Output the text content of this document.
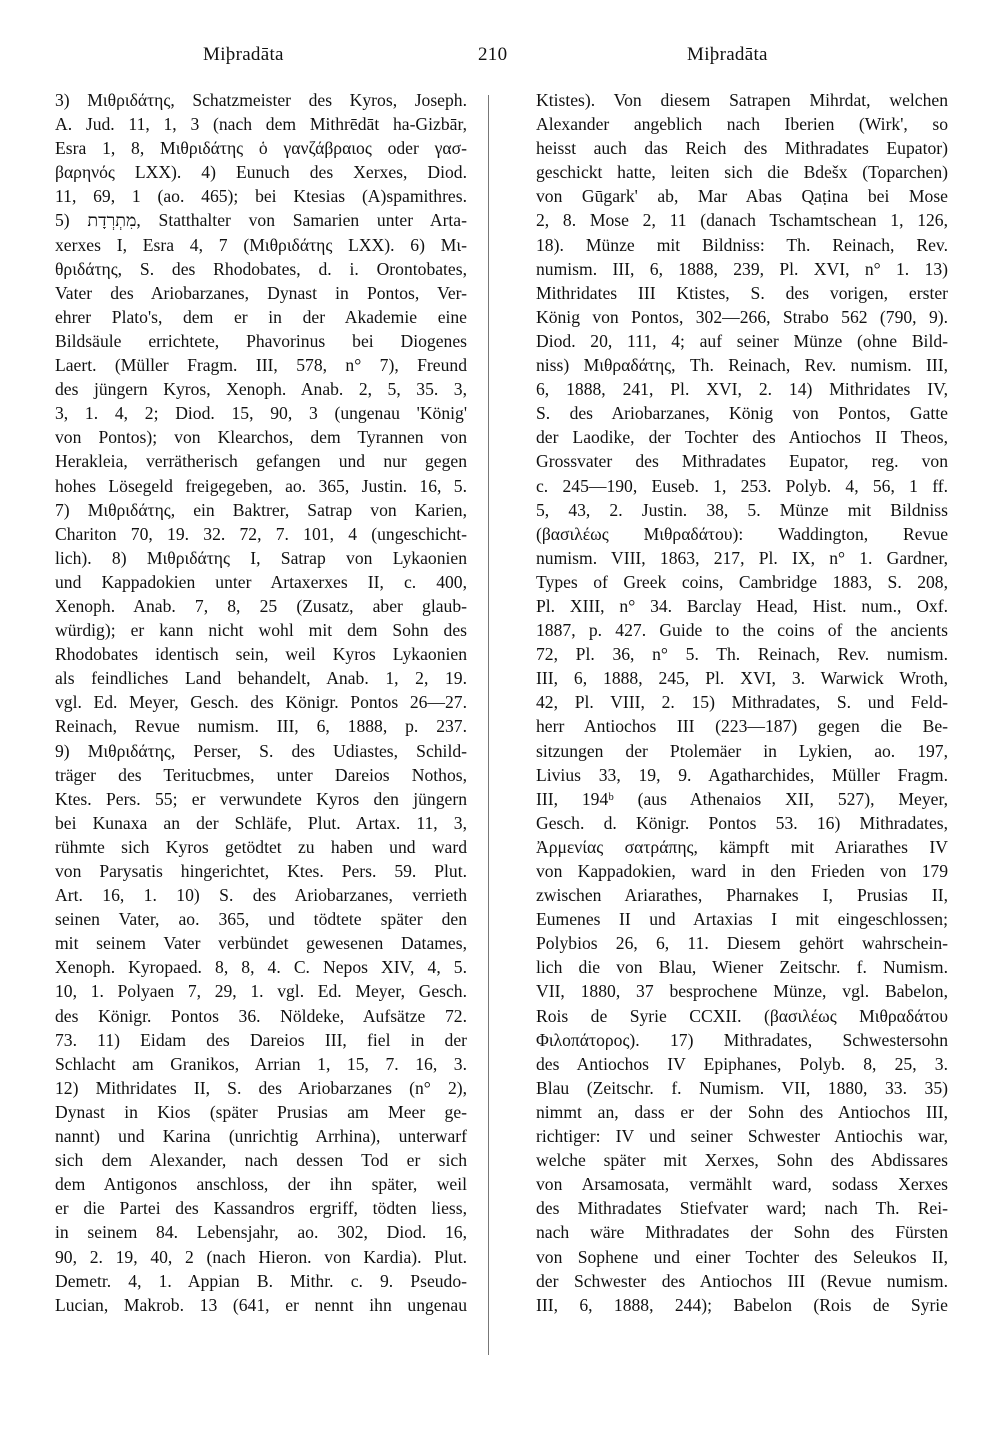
Miþradāta	210	Miþradāta
3) Μιθριδάτης, Schatzmeister des Kyros, Joseph.
A. Jud. 11, 1, 3 (nach dem Mithrēdāt ha-Gizbār,
Esra 1, 8, Μιθριδάτης ὁ γανζάβραιος oder γασ-
βαρηνός LXX). 4) Eunuch des Xerxes, Diod.
11, 69, 1 (ao. 465); bei Ktesias (A)spamithres.
5) מִתְרְדָת, Statthalter von Samarien unter Arta-
xerxes I, Esra 4, 7 (Μιθριδάτης LXX). 6) Μι-
θριδάτης, S. des Rhodobates, d. i. Orontobates,
Vater des Ariobarzanes, Dynast in Pontos, Ver-
ehrer Plato's, dem er in der Akademie eine
Bildsäule errichtete, Phavorinus bei Diogenes
Laert. (Müller Fragm. III, 578, n° 7), Freund
des jüngern Kyros, Xenoph. Anab. 2, 5, 35. 3,
3, 1. 4, 2; Diod. 15, 90, 3 (ungenau 'König'
von Pontos); von Klearchos, dem Tyrannen von
Herakleia, verrätherisch gefangen und nur gegen
hohes Lösegeld freigegeben, ao. 365, Justin. 16, 5.
7) Μιθριδάτης, ein Baktrer, Satrap von Karien,
Chariton 70, 19. 32. 72, 7. 101, 4 (ungeschicht-
lich). 8) Μιθριδάτης I, Satrap von Lykaonien
und Kappadokien unter Artaxerxes II, c. 400,
Xenoph. Anab. 7, 8, 25 (Zusatz, aber glaub-
würdig); er kann nicht wohl mit dem Sohn des
Rhodobates identisch sein, weil Kyros Lykaonien
als feindliches Land behandelt, Anab. 1, 2, 19.
vgl. Ed. Meyer, Gesch. des Königr. Pontos 26—27.
Reinach, Revue numism. III, 6, 1888, p. 237.
9) Μιθριδάτης, Perser, S. des Udiastes, Schild-
träger des Teritucbmes, unter Dareios Nothos,
Ktes. Pers. 55; er verwundete Kyros den jüngern
bei Kunaxa an der Schläfe, Plut. Artax. 11, 3,
rühmte sich Kyros getödtet zu haben und ward
von Parysatis hingerichtet, Ktes. Pers. 59. Plut.
Art. 16, 1. 10) S. des Ariobarzanes, verrieth
seinen Vater, ao. 365, und tödtete später den
mit seinem Vater verbündet gewesenen Datames,
Xenoph. Kyropaed. 8, 8, 4. C. Nepos XIV, 4, 5.
10, 1. Polyaen 7, 29, 1. vgl. Ed. Meyer, Gesch.
des Königr. Pontos 36. Nöldeke, Aufsätze 72.
73. 11) Eidam des Dareios III, fiel in der
Schlacht am Granikos, Arrian 1, 15, 7. 16, 3.
12) Mithridates II, S. des Ariobarzanes (n° 2),
Dynast in Kios (später Prusias am Meer ge-
nannt) und Karina (unrichtig Arrhina), unterwarf
sich dem Alexander, nach dessen Tod er sich
dem Antigonos anschloss, der ihn später, weil
er die Partei des Kassandros ergriff, tödten liess,
in seinem 84. Lebensjahr, ao. 302, Diod. 16,
90, 2. 19, 40, 2 (nach Hieron. von Kardia). Plut.
Demetr. 4, 1. Appian B. Mithr. c. 9. Pseudo-
Lucian, Makrob. 13 (641, er nennt ihn ungenau
Ktistes). Von diesem Satrapen Mihrdat, welchen
Alexander angeblich nach Iberien (Wirk', so
heisst auch das Reich des Mithradates Eupator)
geschickt hatte, leiten sich die Bdešx (Toparchen)
von Gūgark' ab, Mar Abas Qaṭina bei Mose
2, 8. Mose 2, 11 (danach Tschamtschean 1, 126,
18). Münze mit Bildniss: Th. Reinach, Rev.
numism. III, 6, 1888, 239, Pl. XVI, n° 1. 13)
Mithridates III Ktistes, S. des vorigen, erster
König von Pontos, 302—266, Strabo 562 (790, 9).
Diod. 20, 111, 4; auf seiner Münze (ohne Bild-
niss) Μιθραδάτης, Th. Reinach, Rev. numism. III,
6, 1888, 241, Pl. XVI, 2. 14) Mithridates IV,
S. des Ariobarzanes, König von Pontos, Gatte
der Laodike, der Tochter des Antiochos II Theos,
Grossvater des Mithradates Eupator, reg. von
c. 245—190, Euseb. 1, 253. Polyb. 4, 56, 1 ff.
5, 43, 2. Justin. 38, 5. Münze mit Bildniss
(βασιλέως Μιθραδάτου): Waddington, Revue
numism. VIII, 1863, 217, Pl. IX, n° 1. Gardner,
Types of Greek coins, Cambridge 1883, S. 208,
Pl. XIII, n° 34. Barclay Head, Hist. num., Oxf.
1887, p. 427. Guide to the coins of the ancients
72, Pl. 36, n° 5. Th. Reinach, Rev. numism.
III, 6, 1888, 245, Pl. XVI, 3. Warwick Wroth,
42, Pl. VIII, 2. 15) Mithradates, S. und Feld-
herr Antiochos III (223—187) gegen die Be-
sitzungen der Ptolemäer in Lykien, ao. 197,
Livius 33, 19, 9. Agatharchides, Müller Fragm.
III, 194ᵇ (aus Athenaios XII, 527), Meyer,
Gesch. d. Königr. Pontos 53. 16) Mithradates,
Ἀρμενίας σατράπης, kämpft mit Ariarathes IV
von Kappadokien, ward in den Frieden von 179
zwischen Ariarathes, Pharnakes I, Prusias II,
Eumenes II und Artaxias I mit eingeschlossen;
Polybios 26, 6, 11. Diesem gehört wahrschein-
lich die von Blau, Wiener Zeitschr. f. Numism.
VII, 1880, 37 besprochene Münze, vgl. Babelon,
Rois de Syrie CCXII. (βασιλέως Μιθραδάτου
Φιλοπάτορος). 17) Mithradates, Schwestersohn
des Antiochos IV Epiphanes, Polyb. 8, 25, 3.
Blau (Zeitschr. f. Numism. VII, 1880, 33. 35)
nimmt an, dass er der Sohn des Antiochos III,
richtiger: IV und seiner Schwester Antiochis war,
welche später mit Xerxes, Sohn des Abdissares
von Arsamosata, vermählt ward, sodass Xerxes
des Mithradates Stiefvater ward; nach Th. Rei-
nach wäre Mithradates der Sohn des Fürsten
von Sophene und einer Tochter des Seleukos II,
der Schwester des Antiochos III (Revue numism.
III, 6, 1888, 244); Babelon (Rois de Syrie
